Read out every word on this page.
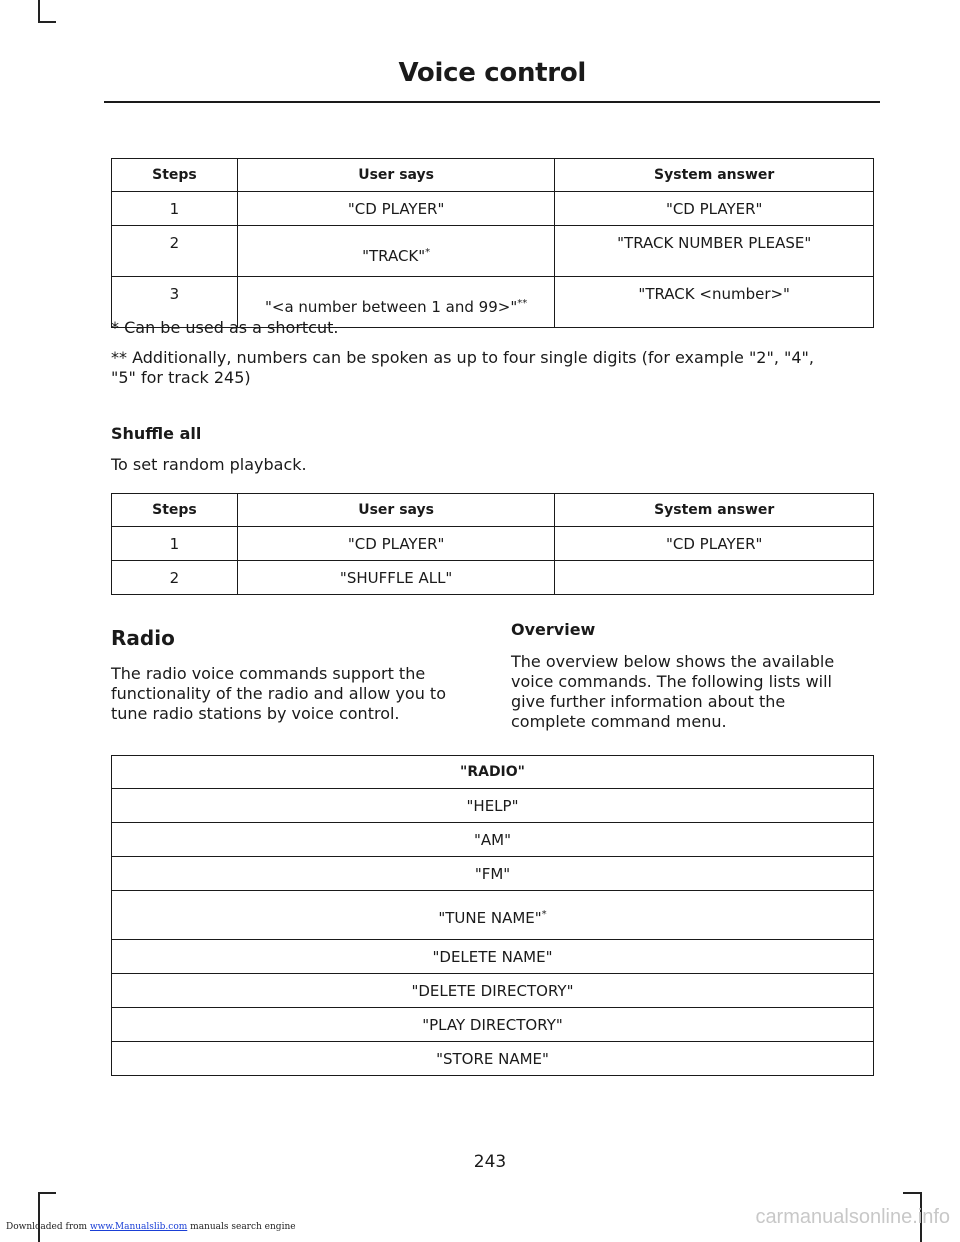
Voice control
Steps	User says	System answer
1	"CD PLAYER"	"CD PLAYER"
2	"TRACK"*	"TRACK NUMBER PLEASE"
3	"<a number between 1 and 99>"**	"TRACK <number>"

* Can be used as a shortcut.

** Additionally, numbers can be spoken as up to four single digits (for example "2", "4",

"5" for track 245)

Shuffle all

To set random playback.

Steps	User says	System answer
1	"CD PLAYER"	"CD PLAYER"
2	"SHUFFLE ALL"	

Radio

The radio voice commands support the

functionality of the radio and allow you to

tune radio stations by voice control.

Overview

The overview below shows the available

voice commands. The following lists will

give further information about the

complete command menu.

"RADIO"
"HELP"
"AM"
"FM"
"TUNE NAME"*
"DELETE NAME"
"DELETE DIRECTORY"
"PLAY DIRECTORY"
"STORE NAME"

243

Downloaded from www.Manualslib.com manuals search engine	carmanualsonline.info
